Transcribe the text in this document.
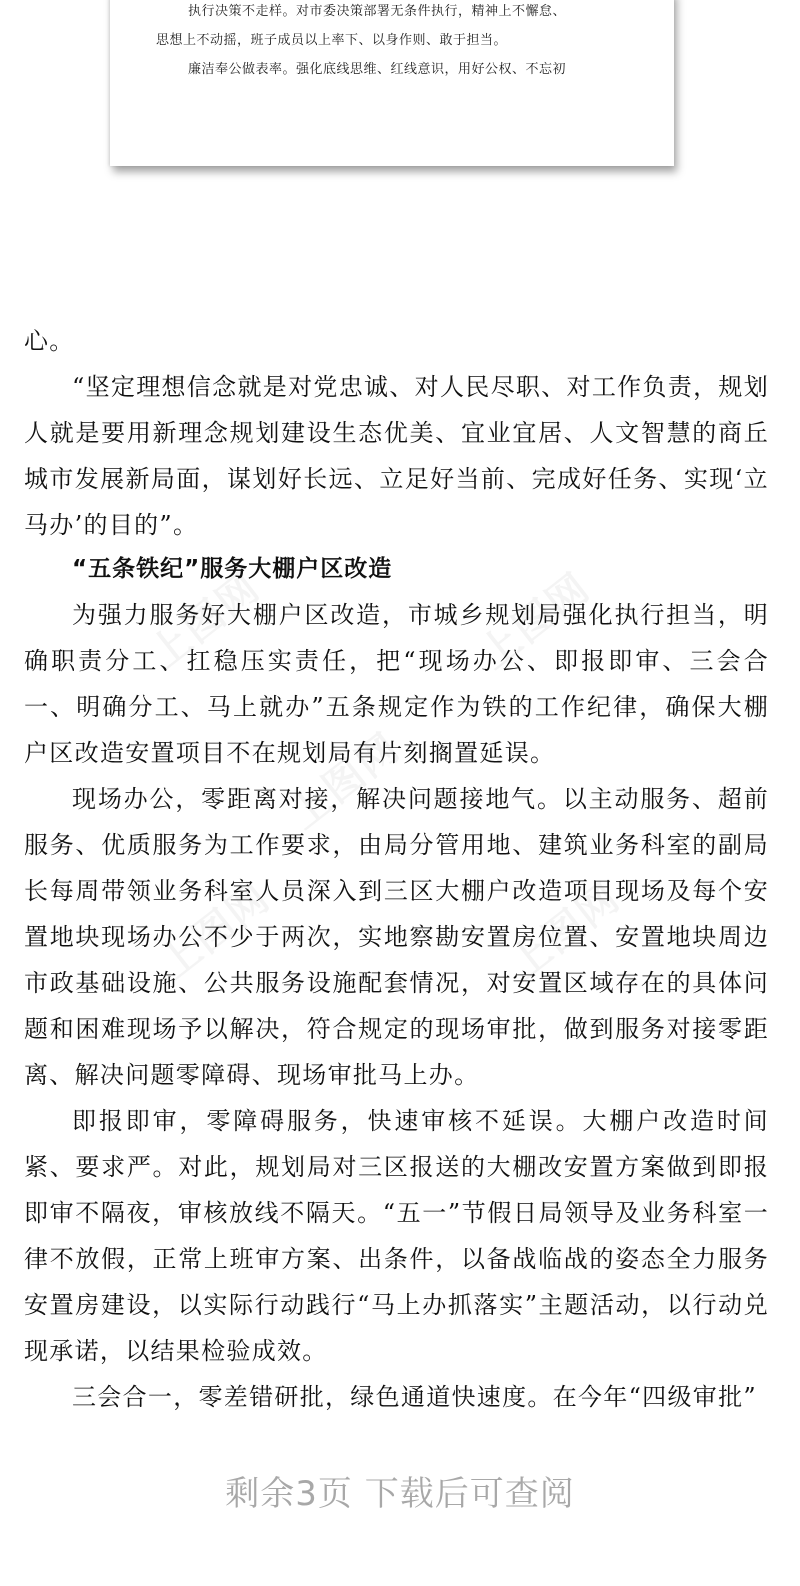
执行决策不走样。对市委决策部署无条件执行，精神上不懈怠、
思想上不动摇，班子成员以上率下、以身作则、敢于担当。
廉洁奉公做表率。强化底线思维、红线意识，用好公权、不忘初

心。

“坚定理想信念就是对党忠诚、对人民尽职、对工作负责，规划人就是要用新理念规划建设生态优美、宜业宜居、人文智慧的商丘城市发展新局面，谋划好长远、立足好当前、完成好任务、实现‘立马办’的目的”。

“五条铁纪”服务大棚户区改造

为强力服务好大棚户区改造，市城乡规划局强化执行担当，明确职责分工、扛稳压实责任，把“现场办公、即报即审、三会合一、明确分工、马上就办”五条规定作为铁的工作纪律，确保大棚户区改造安置项目不在规划局有片刻搁置延误。

现场办公，零距离对接，解决问题接地气。以主动服务、超前服务、优质服务为工作要求，由局分管用地、建筑业务科室的副局长每周带领业务科室人员深入到三区大棚户改造项目现场及每个安置地块现场办公不少于两次，实地察勘安置房位置、安置地块周边市政基础设施、公共服务设施配套情况，对安置区域存在的具体问题和困难现场予以解决，符合规定的现场审批，做到服务对接零距离、解决问题零障碍、现场审批马上办。

即报即审，零障碍服务，快速审核不延误。大棚户改造时间紧、要求严。对此，规划局对三区报送的大棚改安置方案做到即报即审不隔夜，审核放线不隔天。“五一”节假日局领导及业务科室一律不放假，正常上班审方案、出条件，以备战临战的姿态全力服务安置房建设，以实际行动践行“马上办抓落实”主题活动，以行动兑现承诺，以结果检验成效。

三会合一，零差错研批，绿色通道快速度。在今年“四级审批”

剩余3页 下载后可查阅
